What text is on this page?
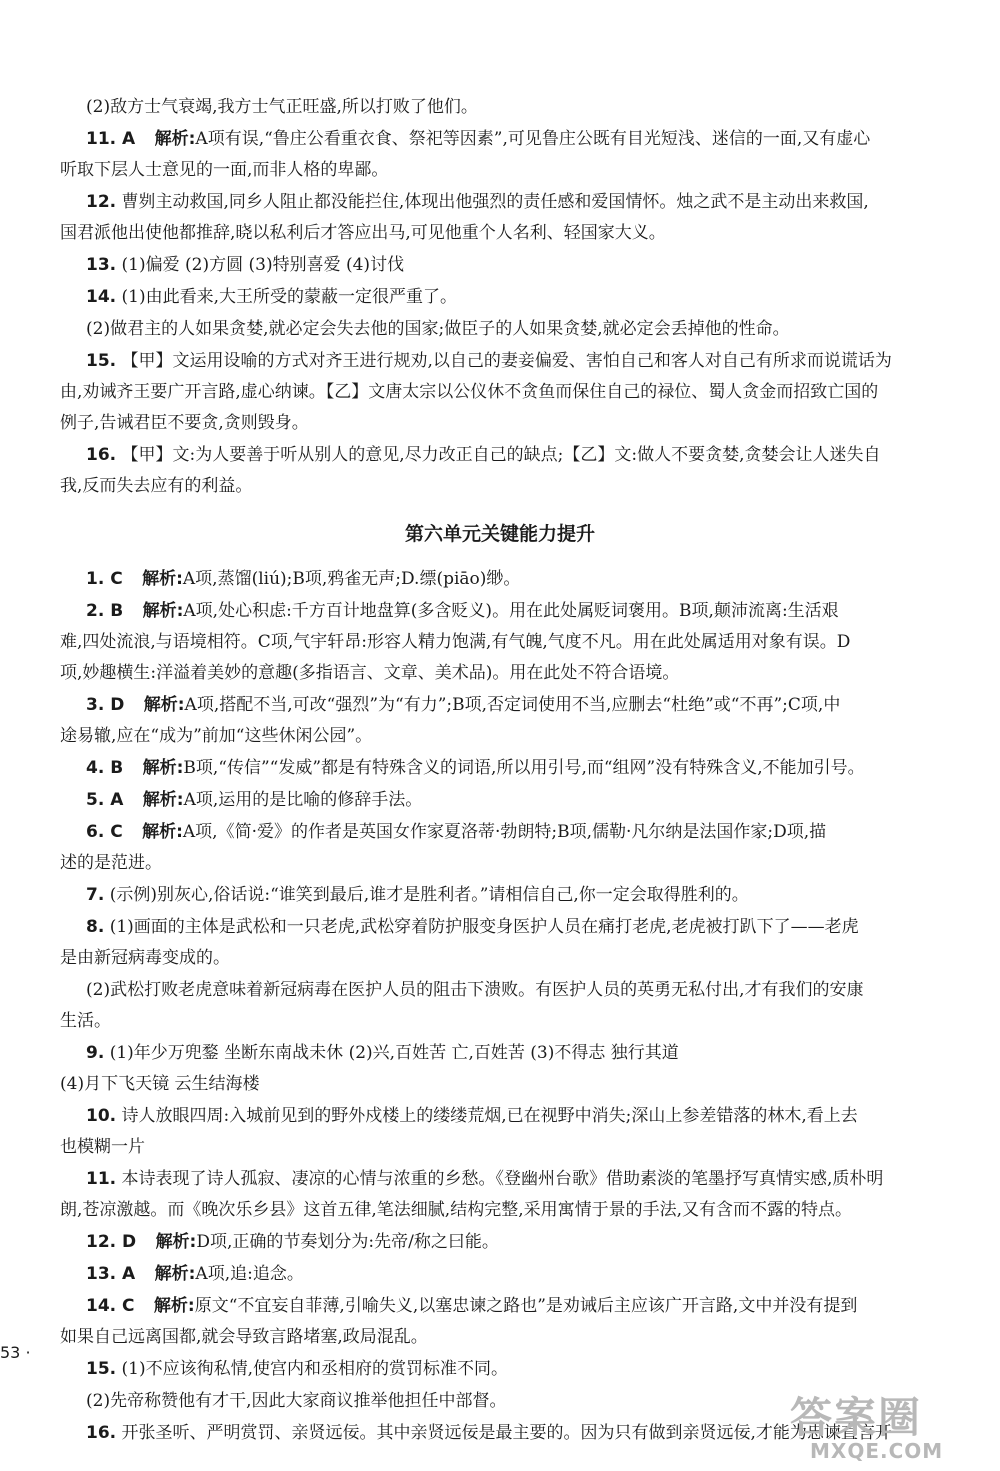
(2)敌方士气衰竭,我方士气正旺盛,所以打败了他们。
11. A 解析:A项有误,“鲁庄公看重衣食、祭祀等因素”,可见鲁庄公既有目光短浅、迷信的一面,又有虚心
听取下层人士意见的一面,而非人格的卑鄙。
12. 曹刿主动救国,同乡人阻止都没能拦住,体现出他强烈的责任感和爱国情怀。烛之武不是主动出来救国,
国君派他出使他都推辞,晓以私利后才答应出马,可见他重个人名利、轻国家大义。
13. (1)偏爱 (2)方圆 (3)特别喜爱 (4)讨伐
14. (1)由此看来,大王所受的蒙蔽一定很严重了。
(2)做君主的人如果贪婪,就必定会失去他的国家;做臣子的人如果贪婪,就必定会丢掉他的性命。
15. 【甲】文运用设喻的方式对齐王进行规劝,以自己的妻妾偏爱、害怕自己和客人对自己有所求而说谎话为
由,劝诫齐王要广开言路,虚心纳谏。【乙】文唐太宗以公仪休不贪鱼而保住自己的禄位、蜀人贪金而招致亡国的
例子,告诫君臣不要贪,贪则毁身。
16. 【甲】文:为人要善于听从别人的意见,尽力改正自己的缺点;【乙】文:做人不要贪婪,贪婪会让人迷失自
我,反而失去应有的利益。
第六单元关键能力提升
1. C 解析:A项,蒸馏(liú);B项,鸦雀无声;D.缥(piāo)缈。
2. B 解析:A项,处心积虑:千方百计地盘算(多含贬义)。用在此处属贬词褒用。B项,颠沛流离:生活艰
难,四处流浪,与语境相符。C项,气宇轩昂:形容人精力饱满,有气魄,气度不凡。用在此处属适用对象有误。D
项,妙趣横生:洋溢着美妙的意趣(多指语言、文章、美术品)。用在此处不符合语境。
3. D 解析:A项,搭配不当,可改“强烈”为“有力”;B项,否定词使用不当,应删去“杜绝”或“不再”;C项,中
途易辙,应在“成为”前加“这些休闲公园”。
4. B 解析:B项,“传信”“发威”都是有特殊含义的词语,所以用引号,而“组网”没有特殊含义,不能加引号。
5. A 解析:A项,运用的是比喻的修辞手法。
6. C 解析:A项,《简·爱》的作者是英国女作家夏洛蒂·勃朗特;B项,儒勒·凡尔纳是法国作家;D项,描
述的是范进。
7. (示例)别灰心,俗话说:“谁笑到最后,谁才是胜利者。”请相信自己,你一定会取得胜利的。
8. (1)画面的主体是武松和一只老虎,武松穿着防护服变身医护人员在痛打老虎,老虎被打趴下了——老虎
是由新冠病毒变成的。
(2)武松打败老虎意味着新冠病毒在医护人员的阻击下溃败。有医护人员的英勇无私付出,才有我们的安康
生活。
9. (1)年少万兜鍪 坐断东南战未休 (2)兴,百姓苦 亡,百姓苦 (3)不得志 独行其道
(4)月下飞天镜 云生结海楼
10. 诗人放眼四周:入城前见到的野外戍楼上的缕缕荒烟,已在视野中消失;深山上参差错落的林木,看上去
也模糊一片
11. 本诗表现了诗人孤寂、凄凉的心情与浓重的乡愁。《登幽州台歌》借助素淡的笔墨抒写真情实感,质朴明
朗,苍凉激越。而《晚次乐乡县》这首五律,笔法细腻,结构完整,采用寓情于景的手法,又有含而不露的特点。
12. D 解析:D项,正确的节奏划分为:先帝/称之曰能。
13. A 解析:A项,追:追念。
14. C 解析:原文“不宜妄自菲薄,引喻失义,以塞忠谏之路也”是劝诫后主应该广开言路,文中并没有提到
如果自己远离国都,就会导致言路堵塞,政局混乱。
15. (1)不应该徇私情,使宫内和丞相府的赏罚标准不同。
(2)先帝称赞他有才干,因此大家商议推举他担任中部督。
16. 开张圣听、严明赏罚、亲贤远佞。其中亲贤远佞是最主要的。因为只有做到亲贤远佞,才能为忠谏直言开
53 ·
答案圈
MXQE.COM
